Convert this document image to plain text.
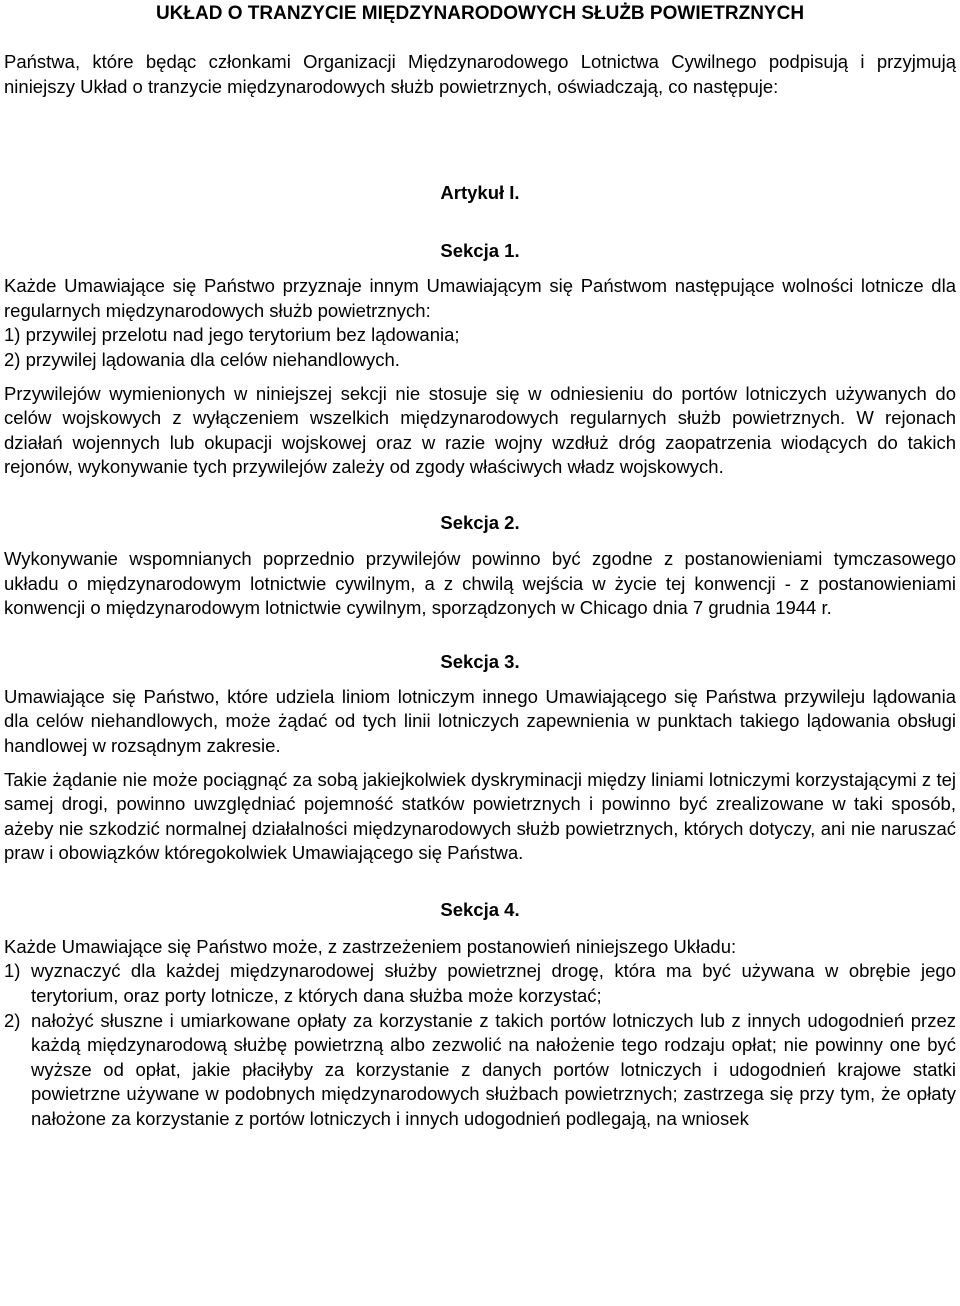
UKŁAD O TRANZYCIE MIĘDZYNARODOWYCH SŁUŻB POWIETRZNYCH

Państwa, które będąc członkami Organizacji Międzynarodowego Lotnictwa Cywilnego podpisują i przyjmują niniejszy Układ o tranzycie międzynarodowych służb powietrznych, oświadczają, co następuje:

Artykuł I.

Sekcja 1.

Każde Umawiające się Państwo przyznaje innym Umawiającym się Państwom następujące wolności lotnicze dla regularnych międzynarodowych służb powietrznych:

1) przywilej przelotu nad jego terytorium bez lądowania;

2) przywilej lądowania dla celów niehandlowych.

Przywilejów wymienionych w niniejszej sekcji nie stosuje się w odniesieniu do portów lotniczych używanych do celów wojskowych z wyłączeniem wszelkich międzynarodowych regularnych służb powietrznych. W rejonach działań wojennych lub okupacji wojskowej oraz w razie wojny wzdłuż dróg zaopatrzenia wiodących do takich rejonów, wykonywanie tych przywilejów zależy od zgody właściwych władz wojskowych.

Sekcja 2.

Wykonywanie wspomnianych poprzednio przywilejów powinno być zgodne z postanowieniami tymczasowego układu o międzynarodowym lotnictwie cywilnym, a z chwilą wejścia w życie tej konwencji - z postanowieniami konwencji o międzynarodowym lotnictwie cywilnym, sporządzonych w Chicago dnia 7 grudnia 1944 r.

Sekcja 3.

Umawiające się Państwo, które udziela liniom lotniczym innego Umawiającego się Państwa przywileju lądowania dla celów niehandlowych, może żądać od tych linii lotniczych zapewnienia w punktach takiego lądowania obsługi handlowej w rozsądnym zakresie.

Takie żądanie nie może pociągnąć za sobą jakiejkolwiek dyskryminacji między liniami lotniczymi korzystającymi z tej samej drogi, powinno uwzględniać pojemność statków powietrznych i powinno być zrealizowane w taki sposób, ażeby nie szkodzić normalnej działalności międzynarodowych służb powietrznych, których dotyczy, ani nie naruszać praw i obowiązków któregokolwiek Umawiającego się Państwa.

Sekcja 4.

Każde Umawiające się Państwo może, z zastrzeżeniem postanowień niniejszego Układu:

1) wyznaczyć dla każdej międzynarodowej służby powietrznej drogę, która ma być używana w obrębie jego terytorium, oraz porty lotnicze, z których dana służba może korzystać;
2) nałożyć słuszne i umiarkowane opłaty za korzystanie z takich portów lotniczych lub z innych udogodnień przez każdą międzynarodową służbę powietrzną albo zezwolić na nałożenie tego rodzaju opłat; nie powinny one być wyższe od opłat, jakie płaciłyby za korzystanie z danych portów lotniczych i udogodnień krajowe statki powietrzne używane w podobnych międzynarodowych służbach powietrznych; zastrzega się przy tym, że opłaty nałożone za korzystanie z portów lotniczych i innych udogodnień podlegają, na wniosek
